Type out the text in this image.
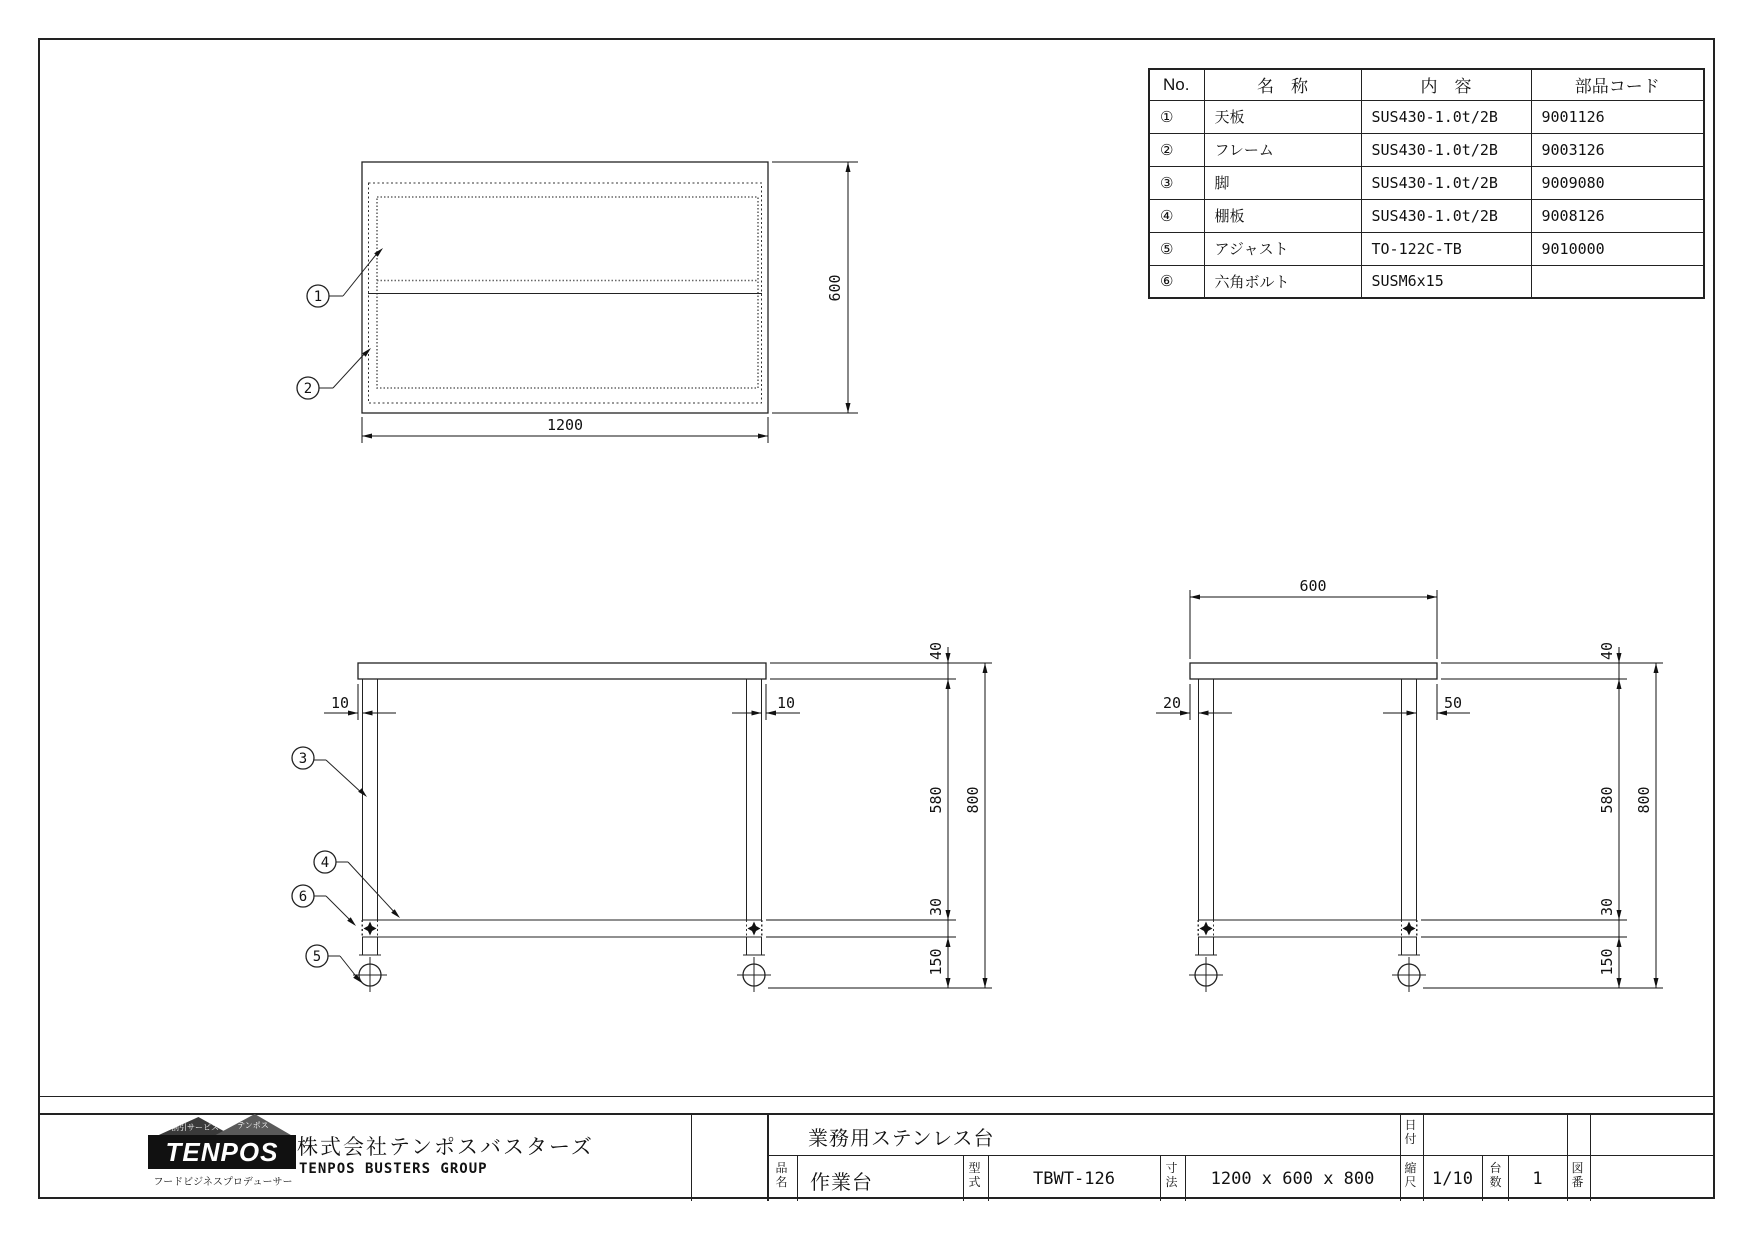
600
1200
1
2
10	10
40
580
30
150
800
3
4
6
5
600
20	50
40
580
30
150
800
No.	名　称	内　容	部品コード
①	天板	SUS430-1.0t/2B	9001126
②	フレーム	SUS430-1.0t/2B	9003126
③	脚	SUS430-1.0t/2B	9009080
④	棚板	SUS430-1.0t/2B	9008126
⑤	アジャスト	TO-122C-TB	9010000
⑥	六角ボルト	SUSM6x15	
割引サービス	テンポス
TENPOS
フードビジネスプロデューサー
株式会社テンポスバスターズ
TENPOS BUSTERS GROUP
業務用ステンレス台
日付
品名 作業台
型式	TBWT-126
寸法	1200 x 600 x 800
縮尺 1/10
台数	1
図番
